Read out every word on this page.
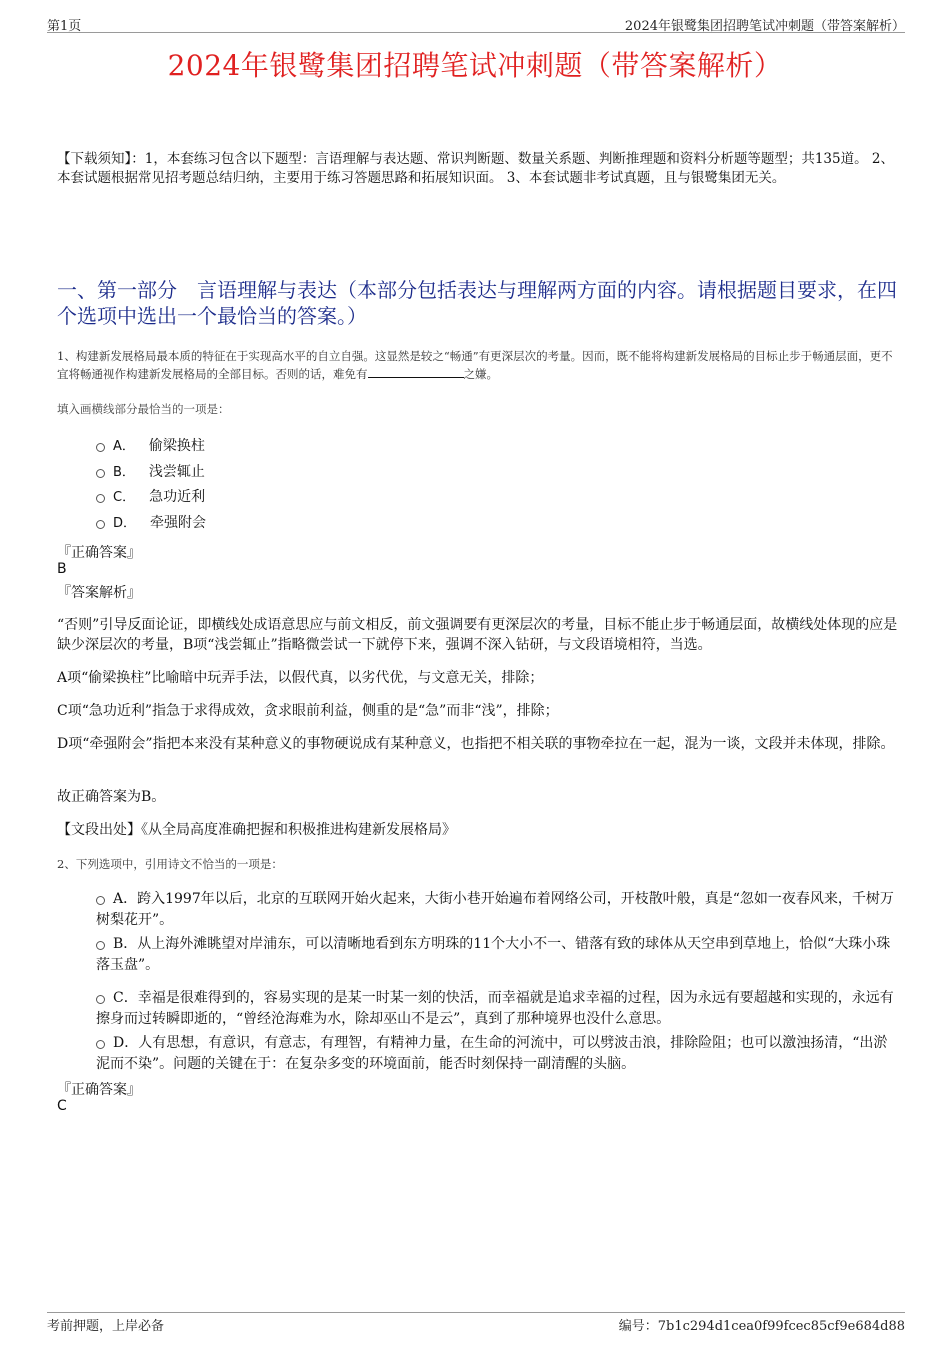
第1页	2024年银鹭集团招聘笔试冲刺题（带答案解析）
2024年银鹭集团招聘笔试冲刺题（带答案解析）
【下载须知】：1，本套练习包含以下题型：言语理解与表达题、常识判断题、数量关系题、判断推理题和资料分析题等题型；共135道。 2、本套试题根据常见招考题总结归纳，主要用于练习答题思路和拓展知识面。 3、本套试题非考试真题，且与银鹭集团无关。
一、第一部分　言语理解与表达（本部分包括表达与理解两方面的内容。请根据题目要求，在四个选项中选出一个最恰当的答案。）
1、构建新发展格局最本质的特征在于实现高水平的自立自强。这显然是较之“畅通”有更深层次的考量。因而，既不能将构建新发展格局的目标止步于畅通层面，更不宜将畅通视作构建新发展格局的全部目标。否则的话，难免有	之嫌。
填入画横线部分最恰当的一项是：
A． 偷梁换柱
B． 浅尝辄止
C． 急功近利
D． 牵强附会
『正确答案』
B
『答案解析』
“否则”引导反面论证，即横线处成语意思应与前文相反，前文强调要有更深层次的考量，目标不能止步于畅通层面，故横线处体现的应是缺少深层次的考量，B项“浅尝辄止”指略微尝试一下就停下来，强调不深入钻研，与文段语境相符，当选。
A项“偷梁换柱”比喻暗中玩弄手法，以假代真，以劣代优，与文意无关，排除；
C项“急功近利”指急于求得成效，贪求眼前利益，侧重的是“急”而非“浅”，排除；
D项“牵强附会”指把本来没有某种意义的事物硬说成有某种意义，也指把不相关联的事物牵拉在一起，混为一谈，文段并未体现，排除。
故正确答案为B。
【文段出处】《从全局高度准确把握和积极推进构建新发展格局》
2、下列选项中，引用诗文不恰当的一项是：
A．跨入1997年以后，北京的互联网开始火起来，大街小巷开始遍布着网络公司，开枝散叶般，真是“忽如一夜春风来，千树万树梨花开”。
B．从上海外滩眺望对岸浦东，可以清晰地看到东方明珠的11个大小不一、错落有致的球体从天空串到草地上，恰似“大珠小珠落玉盘”。
C．幸福是很难得到的，容易实现的是某一时某一刻的快活，而幸福就是追求幸福的过程，因为永远有要超越和实现的，永远有擦身而过转瞬即逝的，“曾经沧海难为水，除却巫山不是云”，真到了那种境界也没什么意思。
D．人有思想，有意识，有意志，有理智，有精神力量，在生命的河流中，可以劈波击浪，排除险阻；也可以激浊扬清，“出淤泥而不染”。问题的关键在于：在复杂多变的环境面前，能否时刻保持一副清醒的头脑。
『正确答案』
C
考前押题，上岸必备	编号：7b1c294d1cea0f99fcec85cf9e684d88
